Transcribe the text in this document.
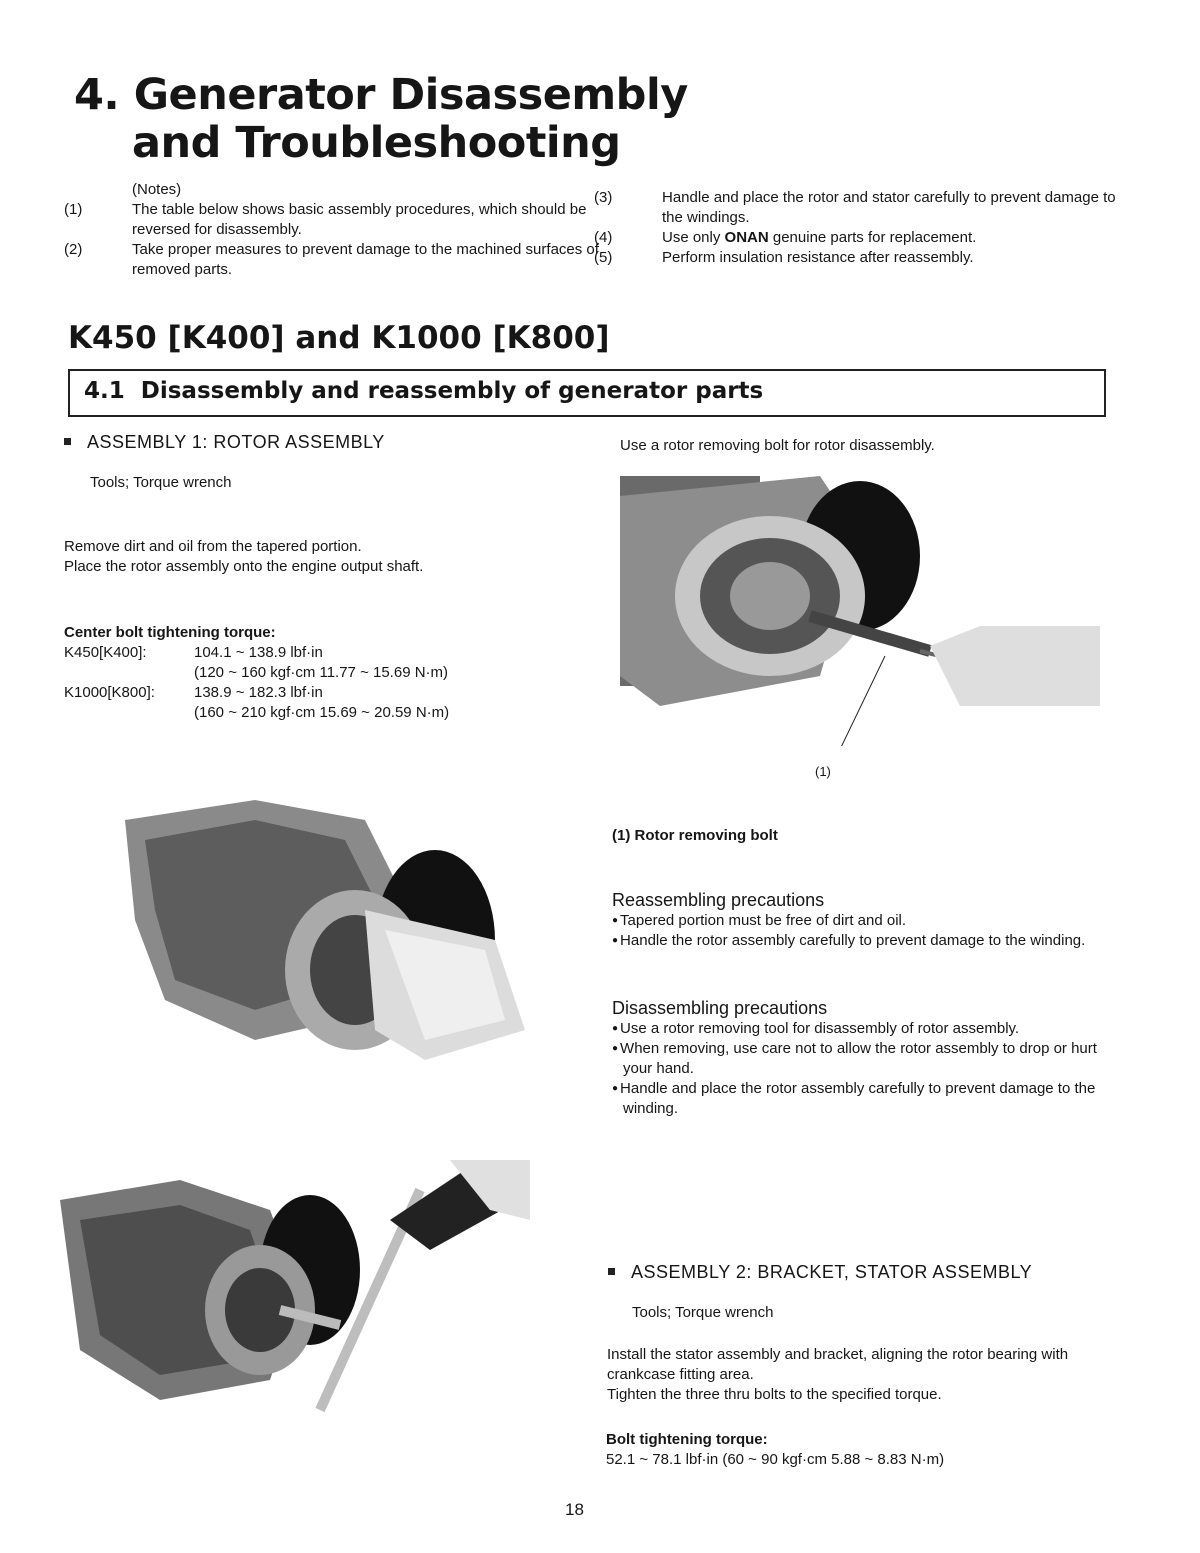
4. Generator Disassembly
and Troubleshooting
(Notes)
(1)	The table below shows basic assembly procedures, which should be reversed for disassembly.
(2)	Take proper measures to prevent damage to the machined surfaces of removed parts.
(3)	Handle and place the rotor and stator carefully to prevent damage to the windings.
(4)	Use only ONAN genuine parts for replacement.
(5)	Perform insulation resistance after reassembly.
K450 [K400] and K1000 [K800]
4.1 Disassembly and reassembly of generator parts
ASSEMBLY 1: ROTOR ASSEMBLY
Tools; Torque wrench
Remove dirt and oil from the tapered portion.
Place the rotor assembly onto the engine output shaft.
Center bolt tightening torque:
K450[K400]:	104.1 ~ 138.9 lbf·in
(120 ~ 160 kgf·cm 11.77 ~ 15.69 N·m)
K1000[K800]:	138.9 ~ 182.3 lbf·in
(160 ~ 210 kgf·cm 15.69 ~ 20.59 N·m)
Use a rotor removing bolt for rotor disassembly.
(1)
(1) Rotor removing bolt
Reassembling precautions
● Tapered portion must be free of dirt and oil.
● Handle the rotor assembly carefully to prevent damage to the winding.
Disassembling precautions
● Use a rotor removing tool for disassembly of rotor assembly.
● When removing, use care not to allow the rotor assembly to drop or hurt your hand.
● Handle and place the rotor assembly carefully to prevent damage to the winding.
ASSEMBLY 2: BRACKET, STATOR ASSEMBLY
Tools; Torque wrench
Install the stator assembly and bracket, aligning the rotor bearing with crankcase fitting area.
Tighten the three thru bolts to the specified torque.
Bolt tightening torque:
52.1 ~ 78.1 lbf·in (60 ~ 90 kgf·cm 5.88 ~ 8.83 N·m)
18
